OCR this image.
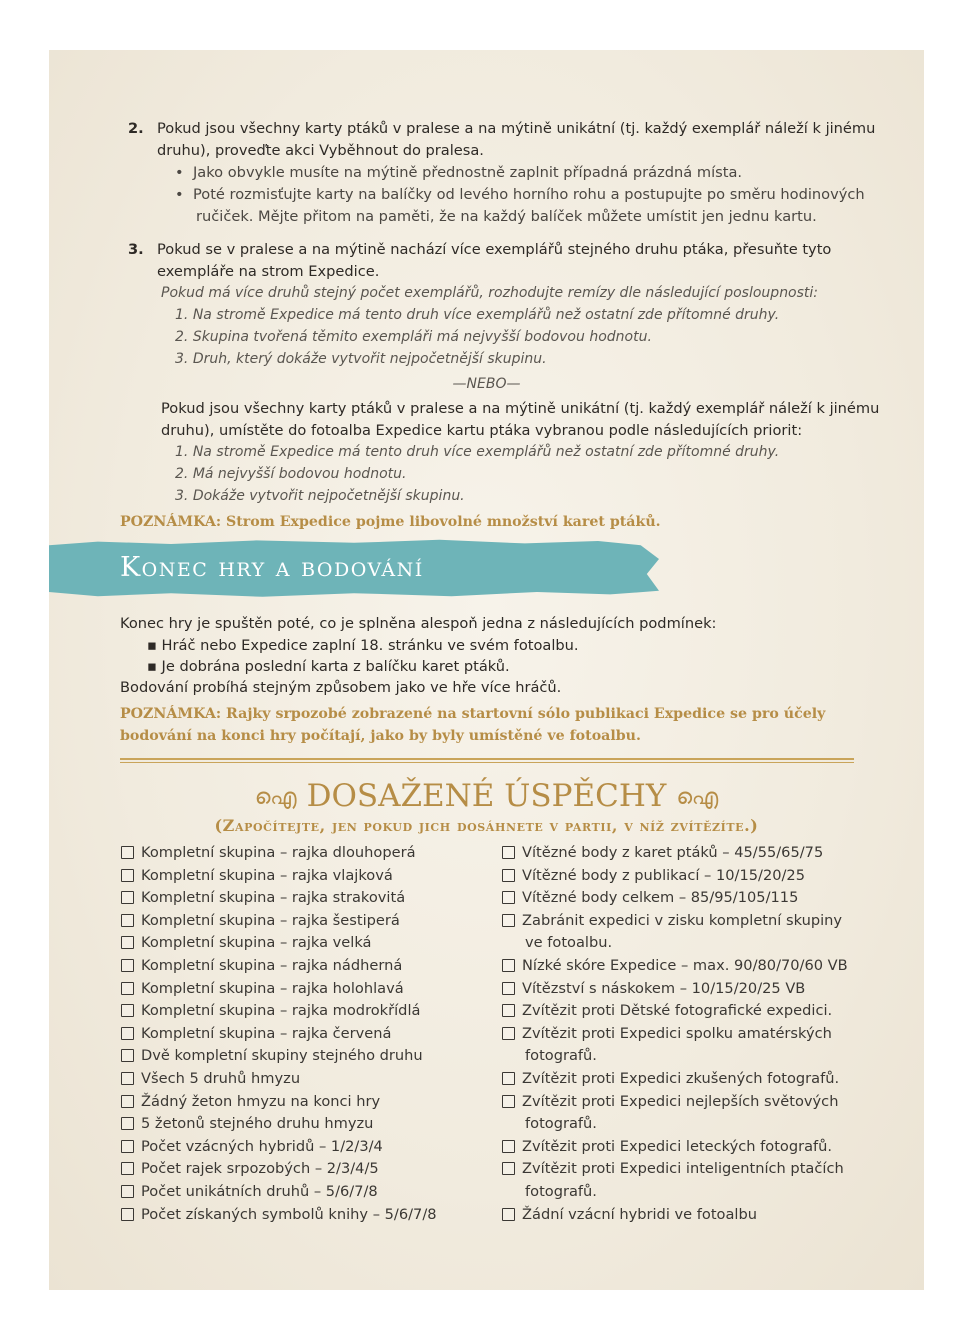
2. Pokud jsou všechny karty ptáků v pralese a na mýtině unikátní (tj. každý exemplář náleží k jinému
druhu), proveďte akci Vyběhnout do pralesa.
• Jako obvykle musíte na mýtině přednostně zaplnit případná prázdná místa.
• Poté rozmisťujte karty na balíčky od levého horního rohu a postupujte po směru hodinových
ručiček. Mějte přitom na paměti, že na každý balíček můžete umístit jen jednu kartu.
3. Pokud se v pralese a na mýtině nachází více exemplářů stejného druhu ptáka, přesuňte tyto
exempláře na strom Expedice.
Pokud má více druhů stejný počet exemplářů, rozhodujte remízy dle následující posloupnosti:
1. Na stromě Expedice má tento druh více exemplářů než ostatní zde přítomné druhy.
2. Skupina tvořená těmito exempláři má nejvyšší bodovou hodnotu.
3. Druh, který dokáže vytvořit nejpočetnější skupinu.
—NEBO—
Pokud jsou všechny karty ptáků v pralese a na mýtině unikátní (tj. každý exemplář náleží k jinému
druhu), umístěte do fotoalba Expedice kartu ptáka vybranou podle následujících priorit:
1. Na stromě Expedice má tento druh více exemplářů než ostatní zde přítomné druhy.
2. Má nejvyšší bodovou hodnotu.
3. Dokáže vytvořit nejpočetnější skupinu.
POZNÁMKA: Strom Expedice pojme libovolné množství karet ptáků.
Konec hry a bodování
Konec hry je spuštěn poté, co je splněna alespoň jedna z následujících podmínek:
▪ Hráč nebo Expedice zaplní 18. stránku ve svém fotoalbu.
▪ Je dobrána poslední karta z balíčku karet ptáků.
Bodování probíhá stejným způsobem jako ve hře více hráčů.
POZNÁMKA: Rajky srpozobé zobrazené na startovní sólo publikaci Expedice se pro účely
bodování na konci hry počítají, jako by byly umístěné ve fotoalbu.
ഐ DOSAŽENÉ ÚSPĚCHY ഐ
(Započítejte, jen pokud jich dosáhnete v partii, v níž zvítězíte.)
Kompletní skupina – rajka dlouhoperá
Kompletní skupina – rajka vlajková
Kompletní skupina – rajka strakovitá
Kompletní skupina – rajka šestiperá
Kompletní skupina – rajka velká
Kompletní skupina – rajka nádherná
Kompletní skupina – rajka holohlavá
Kompletní skupina – rajka modrokřídlá
Kompletní skupina – rajka červená
Dvě kompletní skupiny stejného druhu
Všech 5 druhů hmyzu
Žádný žeton hmyzu na konci hry
5 žetonů stejného druhu hmyzu
Počet vzácných hybridů – 1/2/3/4
Počet rajek srpozobých – 2/3/4/5
Počet unikátních druhů – 5/6/7/8
Počet získaných symbolů knihy – 5/6/7/8
Vítězné body z karet ptáků – 45/55/65/75
Vítězné body z publikací – 10/15/20/25
Vítězné body celkem – 85/95/105/115
Zabránit expedici v zisku kompletní skupiny
ve fotoalbu.
Nízké skóre Expedice – max. 90/80/70/60 VB
Vítězství s náskokem – 10/15/20/25 VB
Zvítězit proti Dětské fotografické expedici.
Zvítězit proti Expedici spolku amatérských
fotografů.
Zvítězit proti Expedici zkušených fotografů.
Zvítězit proti Expedici nejlepších světových
fotografů.
Zvítězit proti Expedici leteckých fotografů.
Zvítězit proti Expedici inteligentních ptačích
fotografů.
Žádní vzácní hybridi ve fotoalbu
